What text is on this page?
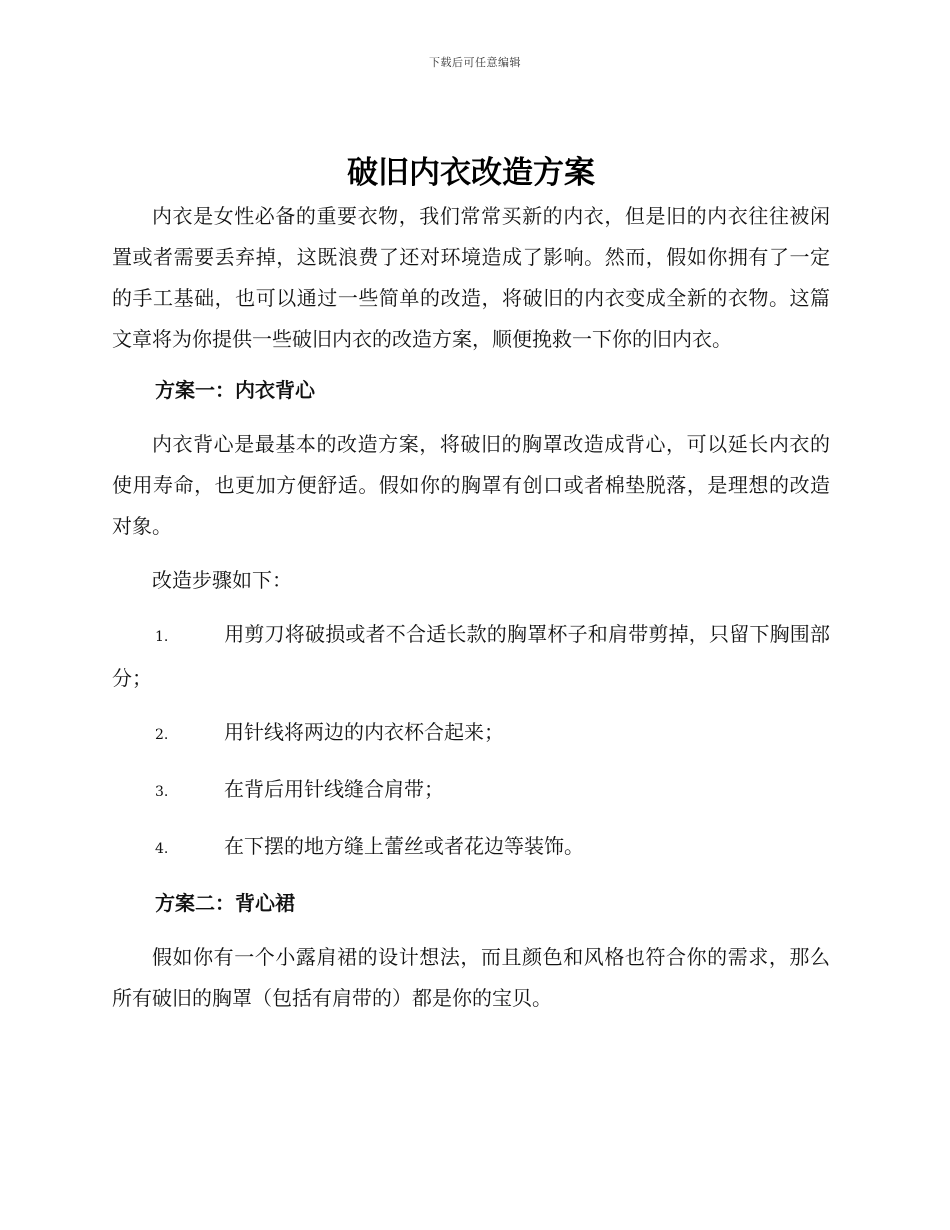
下载后可任意编辑
破旧内衣改造方案

内衣是女性必备的重要衣物，我们常常买新的内衣，但是旧的内衣往往被闲置或者需要丢弃掉，这既浪费了还对环境造成了影响。然而，假如你拥有了一定的手工基础，也可以通过一些简单的改造，将破旧的内衣变成全新的衣物。这篇文章将为你提供一些破旧内衣的改造方案，顺便挽救一下你的旧内衣。

方案一：内衣背心

内衣背心是最基本的改造方案，将破旧的胸罩改造成背心，可以延长内衣的使用寿命，也更加方便舒适。假如你的胸罩有创口或者棉垫脱落，是理想的改造对象。

改造步骤如下：

1.	用剪刀将破损或者不合适长款的胸罩杯子和肩带剪掉，只留下胸围部分；

2.	用针线将两边的内衣杯合起来；

3.	在背后用针线缝合肩带；

4.	在下摆的地方缝上蕾丝或者花边等装饰。

方案二：背心裙

假如你有一个小露肩裙的设计想法，而且颜色和风格也符合你的需求，那么所有破旧的胸罩（包括有肩带的）都是你的宝贝。
